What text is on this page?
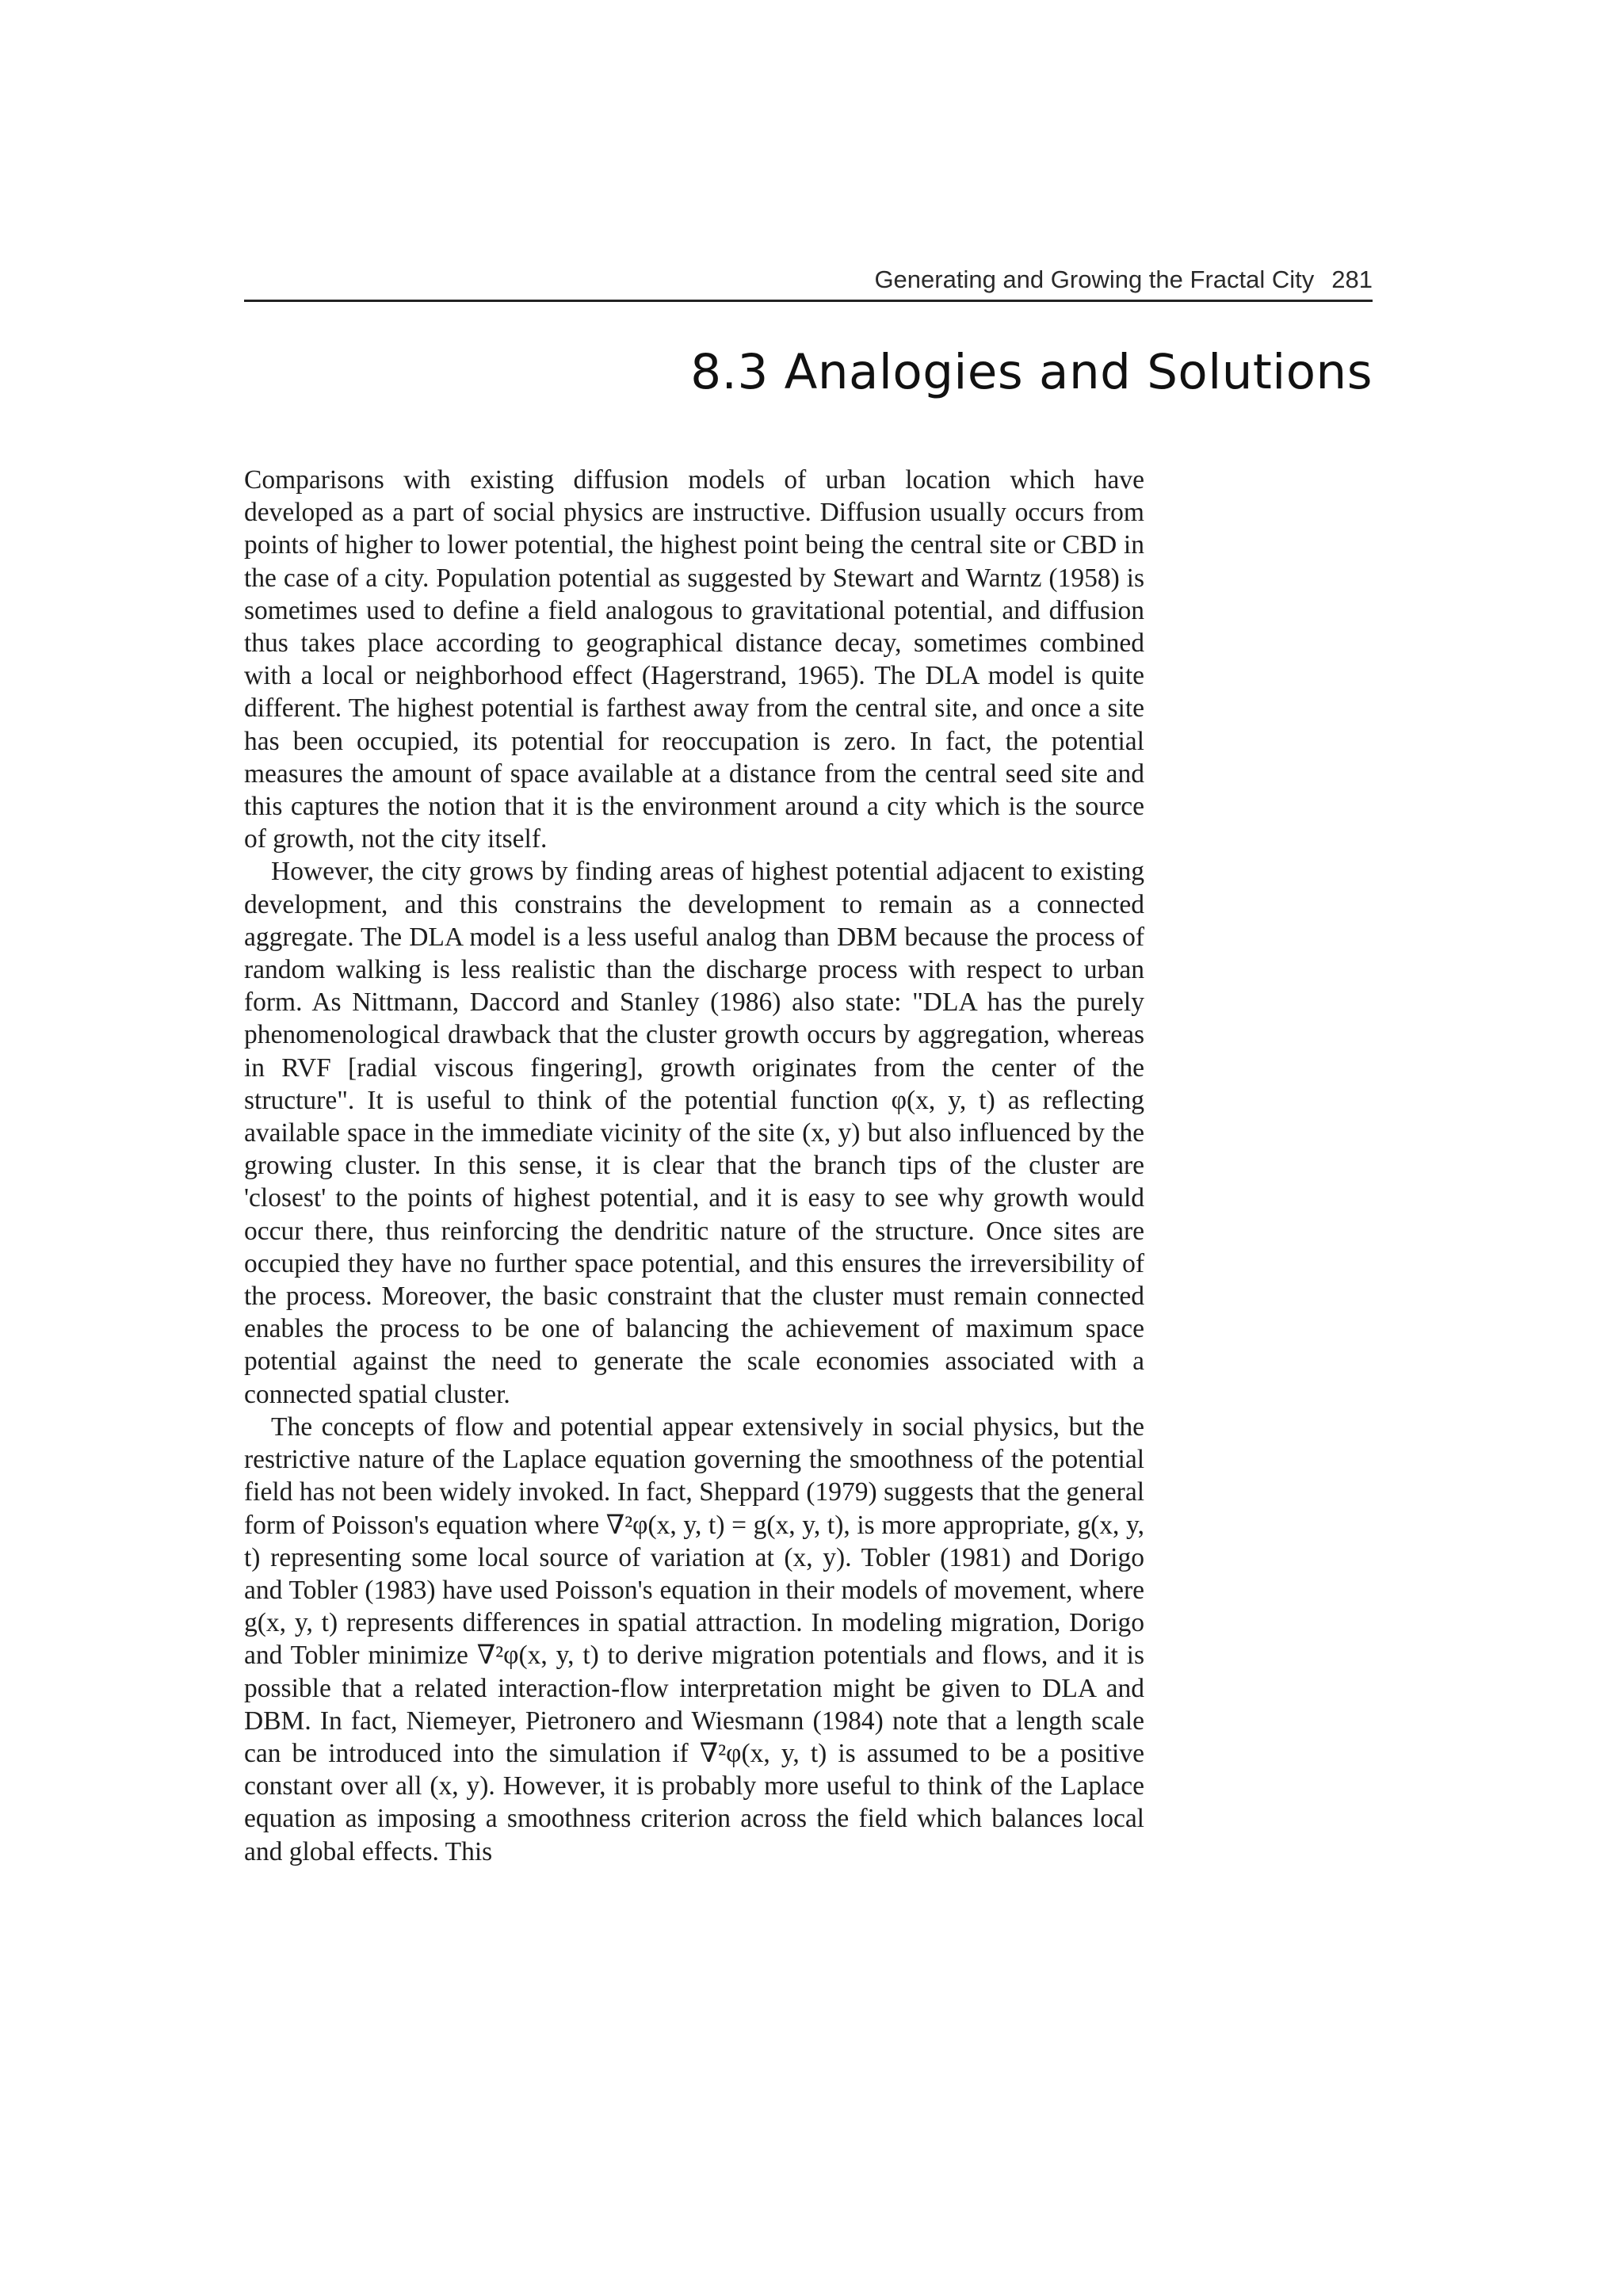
Generating and Growing the Fractal City 281
8.3 Analogies and Solutions

Comparisons with existing diffusion models of urban location which have developed as a part of social physics are instructive. Diffusion usually occurs from points of higher to lower potential, the highest point being the central site or CBD in the case of a city. Population potential as suggested by Stewart and Warntz (1958) is sometimes used to define a field analogous to gravitational potential, and diffusion thus takes place according to geographical distance decay, sometimes combined with a local or neighborhood effect (Hagerstrand, 1965). The DLA model is quite different. The highest potential is farthest away from the central site, and once a site has been occupied, its potential for reoccupation is zero. In fact, the potential measures the amount of space available at a distance from the central seed site and this captures the notion that it is the environment around a city which is the source of growth, not the city itself.

However, the city grows by finding areas of highest potential adjacent to existing development, and this constrains the development to remain as a connected aggregate. The DLA model is a less useful analog than DBM because the process of random walking is less realistic than the discharge process with respect to urban form. As Nittmann, Daccord and Stanley (1986) also state: "DLA has the purely phenomenological drawback that the cluster growth occurs by aggregation, whereas in RVF [radial viscous fingering], growth originates from the center of the structure". It is useful to think of the potential function φ(x, y, t) as reflecting available space in the immediate vicinity of the site (x, y) but also influenced by the growing cluster. In this sense, it is clear that the branch tips of the cluster are 'closest' to the points of highest potential, and it is easy to see why growth would occur there, thus reinforcing the dendritic nature of the structure. Once sites are occupied they have no further space potential, and this ensures the irreversibility of the process. Moreover, the basic constraint that the cluster must remain connected enables the process to be one of balancing the achievement of maximum space potential against the need to generate the scale economies associated with a connected spatial cluster.

The concepts of flow and potential appear extensively in social physics, but the restrictive nature of the Laplace equation governing the smoothness of the potential field has not been widely invoked. In fact, Sheppard (1979) suggests that the general form of Poisson's equation where ∇²φ(x, y, t) = g(x, y, t), is more appropriate, g(x, y, t) representing some local source of variation at (x, y). Tobler (1981) and Dorigo and Tobler (1983) have used Poisson's equation in their models of movement, where g(x, y, t) represents differences in spatial attraction. In modeling migration, Dorigo and Tobler minimize ∇²φ(x, y, t) to derive migration potentials and flows, and it is possible that a related interaction-flow interpretation might be given to DLA and DBM. In fact, Niemeyer, Pietronero and Wiesmann (1984) note that a length scale can be introduced into the simulation if ∇²φ(x, y, t) is assumed to be a positive constant over all (x, y). However, it is probably more useful to think of the Laplace equation as imposing a smoothness criterion across the field which balances local and global effects. This
